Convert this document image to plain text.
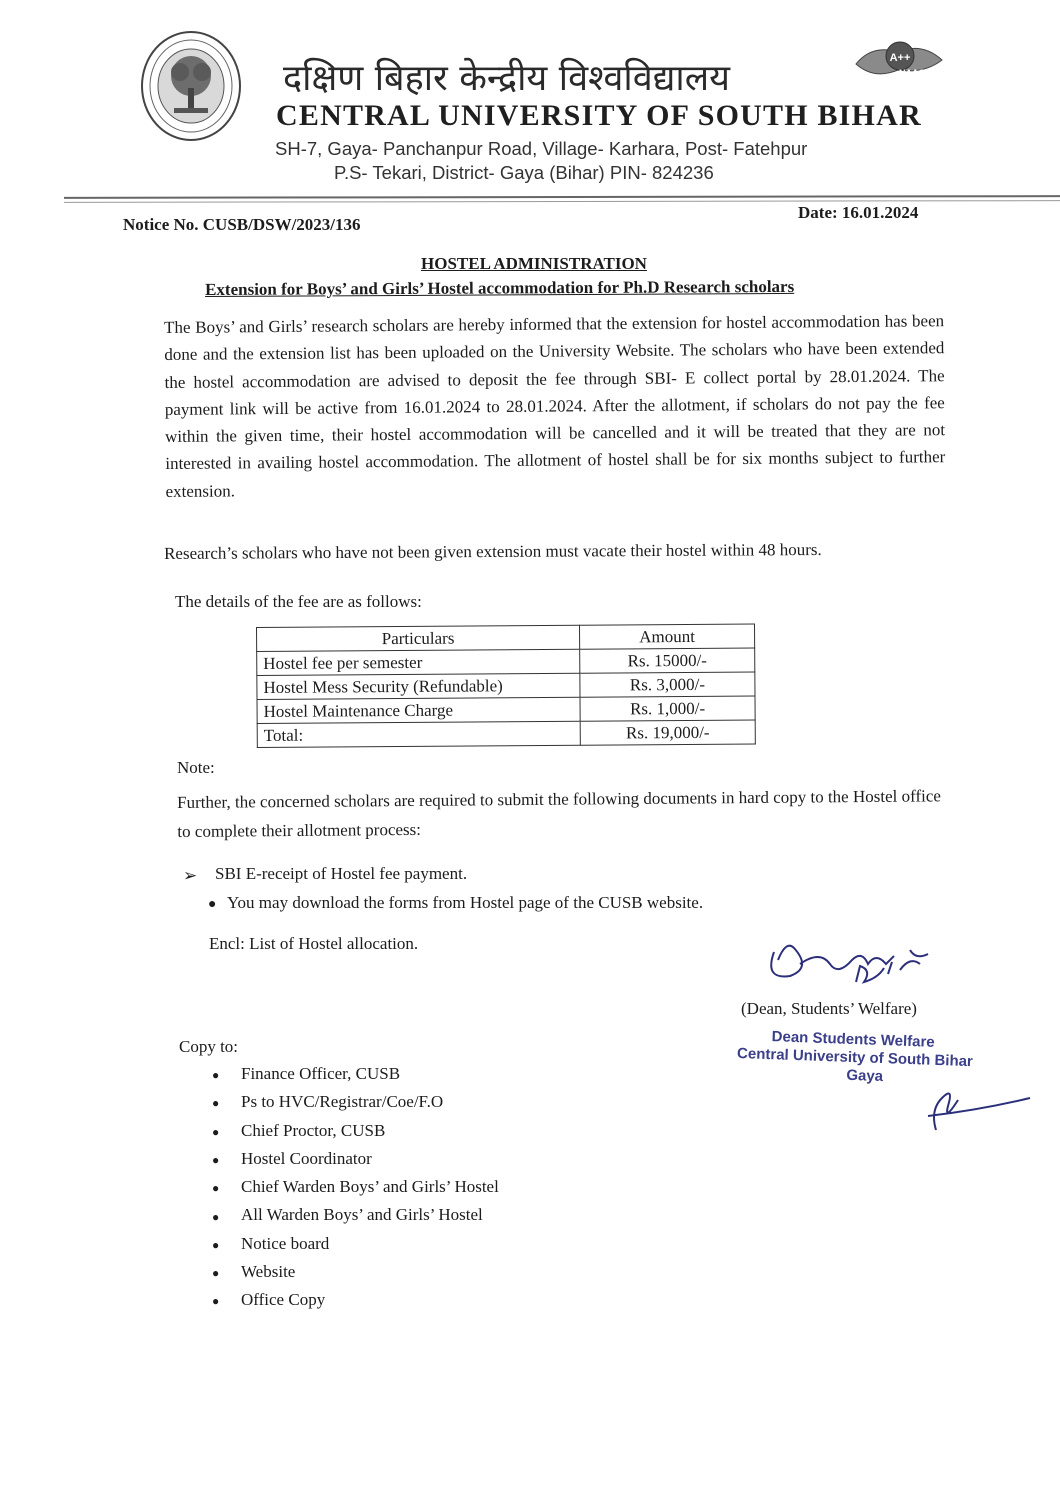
दक्षिण बिहार केन्द्रीय विश्वविद्यालय	A++
NAAC
CENTRAL UNIVERSITY OF SOUTH BIHAR
SH-7, Gaya- Panchanpur Road, Village- Karhara, Post- Fatehpur
P.S- Tekari, District- Gaya (Bihar) PIN- 824236
Notice No. CUSB/DSW/2023/136
Date: 16.01.2024
HOSTEL ADMINISTRATION
Extension for Boys’ and Girls’ Hostel accommodation for Ph.D Research scholars

The Boys’ and Girls’ research scholars are hereby informed that the extension for hostel accommodation has been done and the extension list has been uploaded on the University Website. The scholars who have been extended the hostel accommodation are advised to deposit the fee through SBI- E collect portal by 28.01.2024. The payment link will be active from 16.01.2024 to 28.01.2024. After the allotment, if scholars do not pay the fee within the given time, their hostel accommodation will be cancelled and it will be treated that they are not interested in availing hostel accommodation. The allotment of hostel shall be for six months subject to further extension.

Research’s scholars who have not been given extension must vacate their hostel within 48 hours.
The details of the fee are as follows:
Particulars	Amount
Hostel fee per semester	Rs. 15000/-
Hostel Mess Security (Refundable)	Rs. 3,000/-
Hostel Maintenance Charge	Rs. 1,000/-
Total:	Rs. 19,000/-
Note:

Further, the concerned scholars are required to submit the following documents in hard copy to the Hostel office to complete their allotment process:

➢ SBI E-receipt of Hostel fee payment.
●   You may download the forms from Hostel page of the CUSB website.
Encl: List of Hostel allocation.
(Dean, Students’ Welfare)
Dean Students Welfare
Central University of South Bihar
Gaya
Copy to:
● Finance Officer, CUSB
● Ps to HVC/Registrar/Coe/F.O
● Chief Proctor, CUSB
● Hostel Coordinator
● Chief Warden Boys’ and Girls’ Hostel
● All Warden Boys’ and Girls’ Hostel
● Notice board
● Website
● Office Copy
